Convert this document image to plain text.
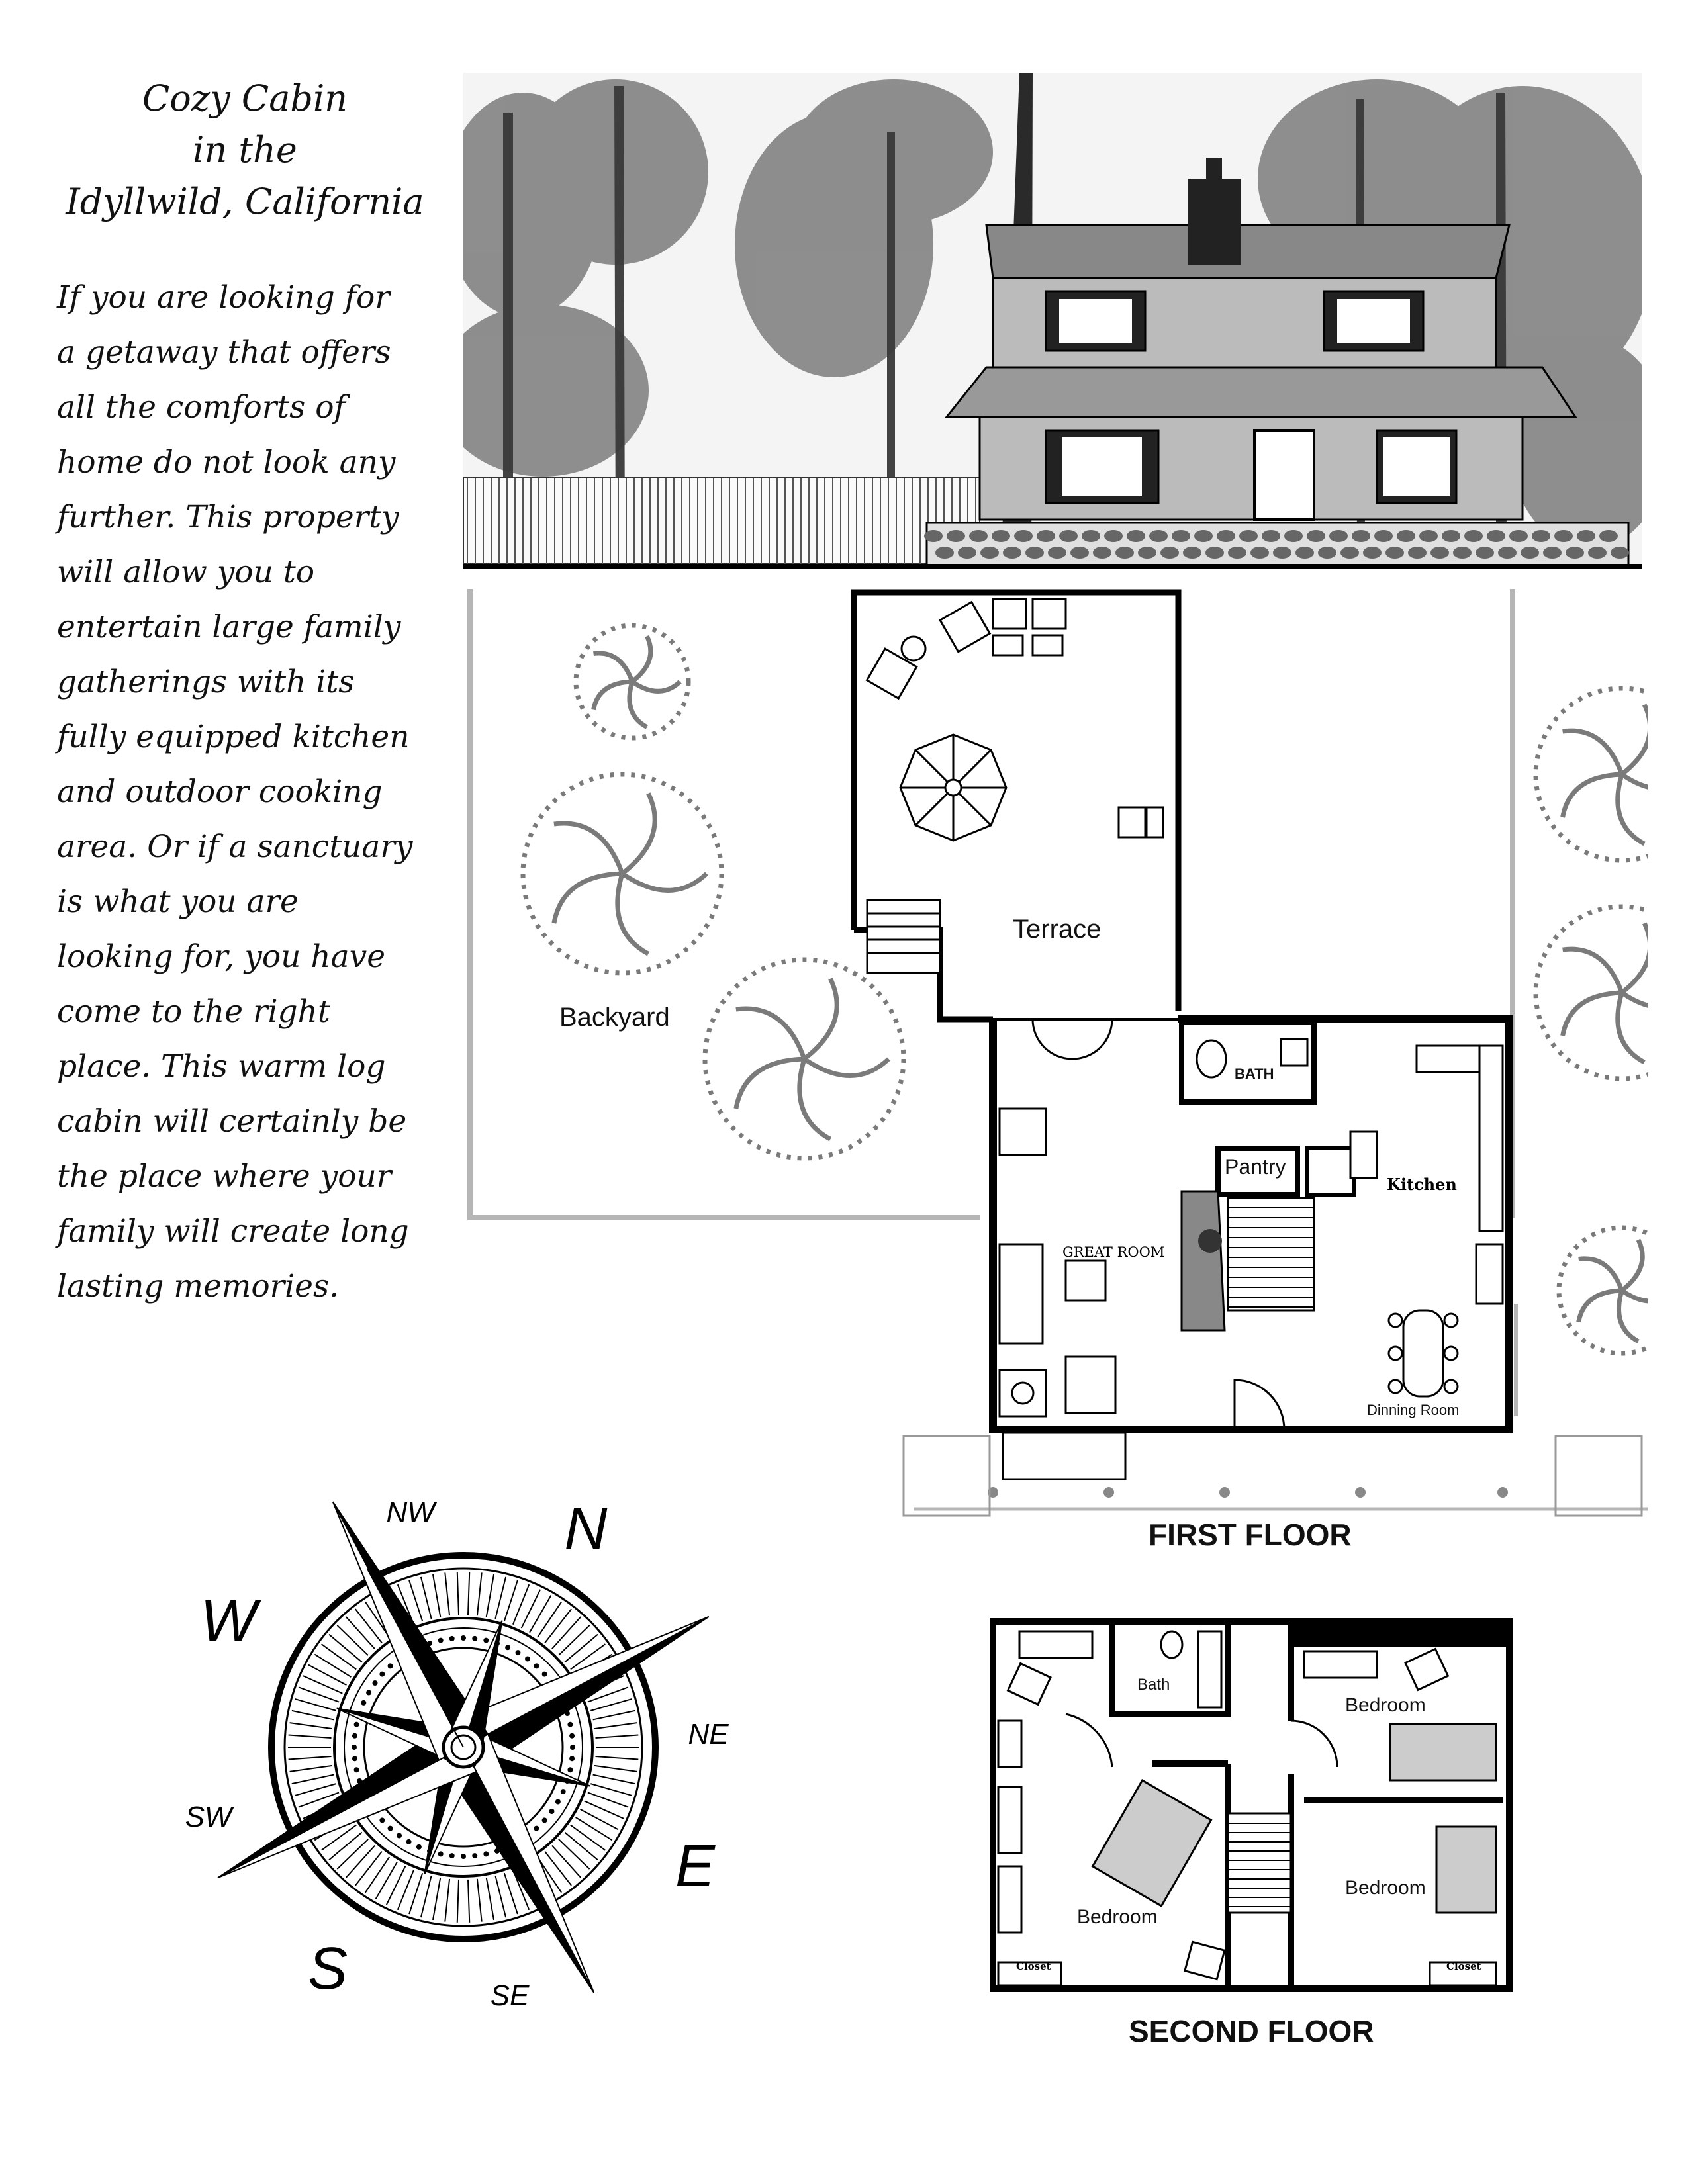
Cozy Cabin
in the
Idyllwild, California
If you are looking for
a getaway that offers
all the comforts of
home do not look any
further. This property
will allow you to
entertain large family
gatherings with its
fully equipped kitchen
and outdoor cooking
area. Or if a sanctuary
is what you are
looking for, you have
come to the right
place. This warm log
cabin will certainly be
the place where your
family will create long
lasting memories.
Terrace
Backyard
BATH
Pantry
Kitchen
GREAT ROOM
Dinning Room
FIRST FLOOR
Bath
Bedroom
Bedroom
Bedroom
Closet	Closet
SECOND FLOOR
N
S
E
W
NW
NE
SW
SE
